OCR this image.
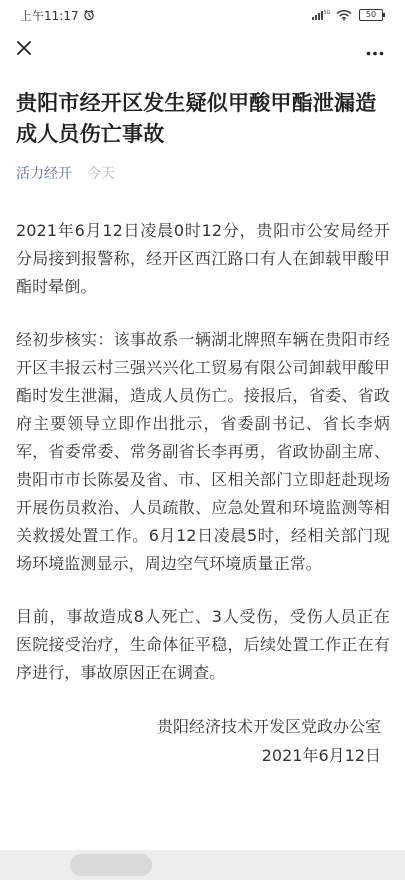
上午11:17	5G	50
贵阳市经开区发生疑似甲酸甲酯泄漏造成人员伤亡事故
活力经开 今天

2021年6月12日凌晨0时12分，贵阳市公安局经开分局接到报警称，经开区西江路口有人在卸载甲酸甲酯时晕倒。

经初步核实：该事故系一辆湖北牌照车辆在贵阳市经开区丰报云村三强兴兴化工贸易有限公司卸载甲酸甲酯时发生泄漏，造成人员伤亡。接报后，省委、省政府主要领导立即作出批示，省委副书记、省长李炳军，省委常委、常务副省长李再勇，省政协副主席、贵阳市市长陈晏及省、市、区相关部门立即赶赴现场开展伤员救治、人员疏散、应急处置和环境监测等相关救援处置工作。6月12日凌晨5时，经相关部门现场环境监测显示，周边空气环境质量正常。

目前，事故造成8人死亡、3人受伤，受伤人员正在医院接受治疗，生命体征平稳，后续处置工作正在有序进行，事故原因正在调查。

贵阳经济技术开发区党政办公室
2021年6月12日
